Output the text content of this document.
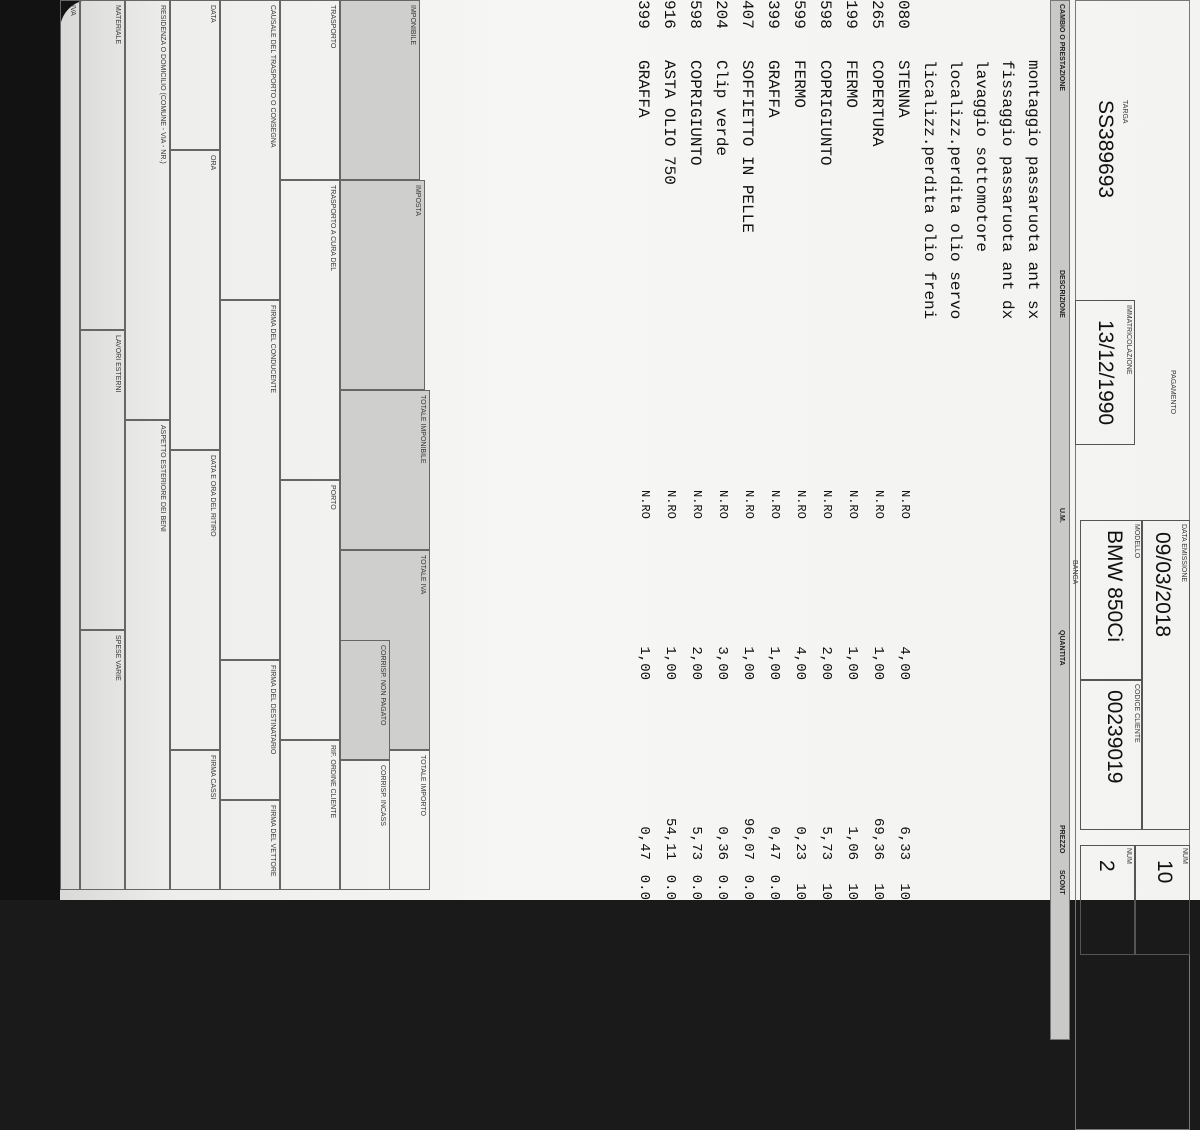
TARGA
SS389693
IMMATRICOLAZIONE
13/12/1990
MODELLO
BMW 850Ci
CODICE CLIENTE
00239019
DATA EMISSIONE
09/03/2018
BANCA
PAGAMENTO
NUM
10
NUM
2
CAMBIO O PRESTAZIONE
DESCRIZIONE
U.M.
QUANTITA
PREZZO
SCONT
montaggio passaruota ant sx
fissaggio passaruota ant dx
lavaggio sottomotore
localizz.perdita olio servo
licalizz.perdita olio freni
080
STENNA
N.RO
4,00
6,33
10
265
COPERTURA
N.RO
1,00
69,36
10
199
FERMO
N.RO
1,00
1,06
10
598
COPRIGIUNTO
N.RO
2,00
5,73
10
599
FERMO
N.RO
4,00
0,23
10
399
GRAFFA
N.RO
1,00
0,47
0.0
407
SOFFIETTO IN PELLE
N.RO
1,00
96,07
0.0
204
Clip verde
N.RO
3,00
0,36
0.0
598
COPRIGIUNTO
N.RO
2,00
5,73
0.0
916
ASTA OLIO 750
N.RO
1,00
54,11
0.0
399
GRAFFA
N.RO
1,00
0,47
0.0
IMPONIBILE
IMPOSTA
TOTALE IMPONIBILE
TOTALE IVA
TOTALE IMPORTO
TRASPORTO
TRASPORTO A CURA DEL
PORTO
RIF. ORDINE CLIENTE
CORRISP. NON PAGATO
CORRISP. INCASS
CAUSALE DEL TRASPORTO O CONSEGNA
FIRMA DEL CONDUCENTE
FIRMA DEL DESTINATARIO
FIRMA DEL VETTORE
DATA
ORA
DATA E ORA DEL RITIRO
FIRMA CASSI
RESIDENZA O DOMICILIO (COMUNE - VIA - NR.)
ASPETTO ESTERIORE DEI BENI
MATERIALE
LAVORI ESTERNI
SPESE VARIE
IVA
